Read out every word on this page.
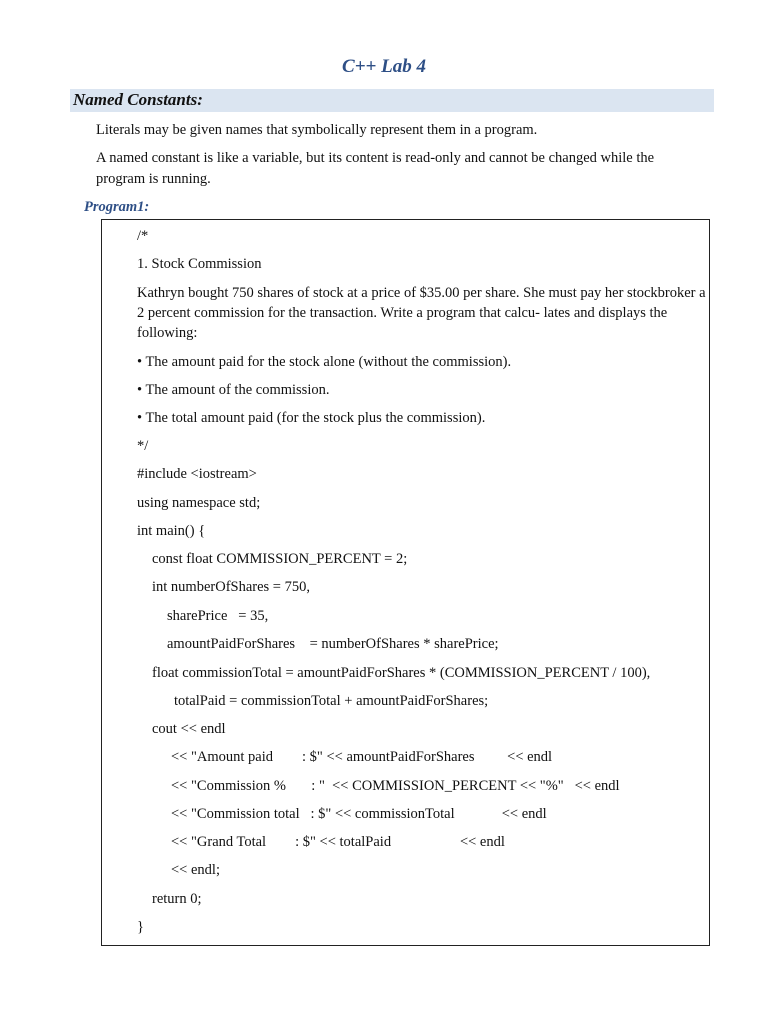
C++ Lab 4
Named Constants:
Literals may be given names that symbolically represent them in a program.
A named constant is like a variable, but its content is read-only and cannot be changed while the program is running.
Program1:
/*
1. Stock Commission
Kathryn bought 750 shares of stock at a price of $35.00 per share. She must pay her stockbroker a 2 percent commission for the transaction. Write a program that calcu- lates and displays the following:
• The amount paid for the stock alone (without the commission).
• The amount of the commission.
• The total amount paid (for the stock plus the commission).
*/
#include <iostream>
using namespace std;
int main() {
const float COMMISSION_PERCENT = 2;
int numberOfShares = 750,
sharePrice   = 35,
amountPaidForShares    = numberOfShares * sharePrice;
float commissionTotal = amountPaidForShares * (COMMISSION_PERCENT / 100),
totalPaid = commissionTotal + amountPaidForShares;
cout << endl
<< "Amount paid        : $" << amountPaidForShares         << endl
<< "Commission %       : "  << COMMISSION_PERCENT << "%"   << endl
<< "Commission total   : $" << commissionTotal             << endl
<< "Grand Total        : $" << totalPaid                   << endl
<< endl;
return 0;
}
